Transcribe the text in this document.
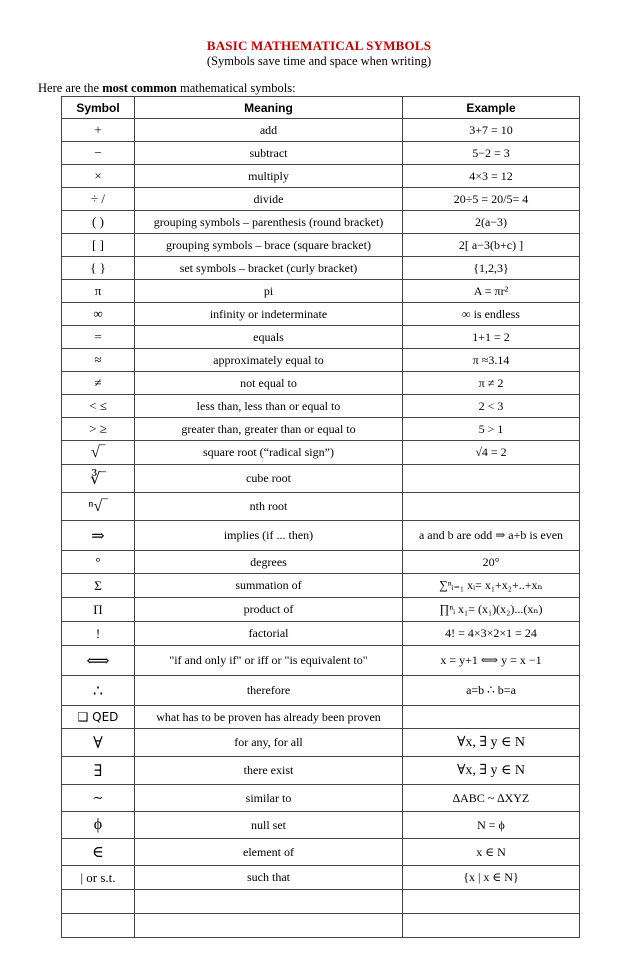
BASIC MATHEMATICAL SYMBOLS
(Symbols save time and space when writing)
Here are the most common mathematical symbols:
Symbol	Meaning	Example
+	add	3+7 = 10
−	subtract	5−2 = 3
×	multiply	4×3 = 12
÷ /	divide	20÷5 = 20/5= 4
( )	grouping symbols – parenthesis (round bracket)	2(a−3)
[ ]	grouping symbols – brace (square bracket)	2[ a−3(b+c) ]
{ }	set symbols – bracket (curly bracket)	{1,2,3}
π	pi	A = πr²
∞	infinity or indeterminate	∞ is endless
=	equals	1+1 = 2
≈	approximately equal to	π ≈3.14
≠	not equal to	π ≠ 2
< ≤	less than, less than or equal to	2 < 3
> ≥	greater than, greater than or equal to	5 > 1
√‾	square root (“radical sign”)	√4 = 2
∛‾	cube root	
ⁿ√‾	nth root	
⇒	implies (if ... then)	a and b are odd ⇒ a+b is even
°	degrees	20°
Σ	summation of	∑ⁿᵢ₌₁ xᵢ= x₁+x₂+..+xₙ
Π	product of	∏ⁿᵢ x₁= (x₁)(x₂)...(xₙ)
!	factorial	4! = 4×3×2×1 = 24
⟺	"if and only if" or iff or "is equivalent to"	x = y+1 ⟺ y = x −1
∴	therefore	a=b ∴ b=a
❑ QED	what has to be proven has already been proven	
∀	for any, for all	∀x, ∃ y ∈ N
∃	there exist	∀x, ∃ y ∈ N
∼	similar to	∆ABC ~ ∆XYZ
ϕ	null set	N = ϕ
∈	element of	x ∈ N
| or s.t.	such that	{x | x ∈ N}
